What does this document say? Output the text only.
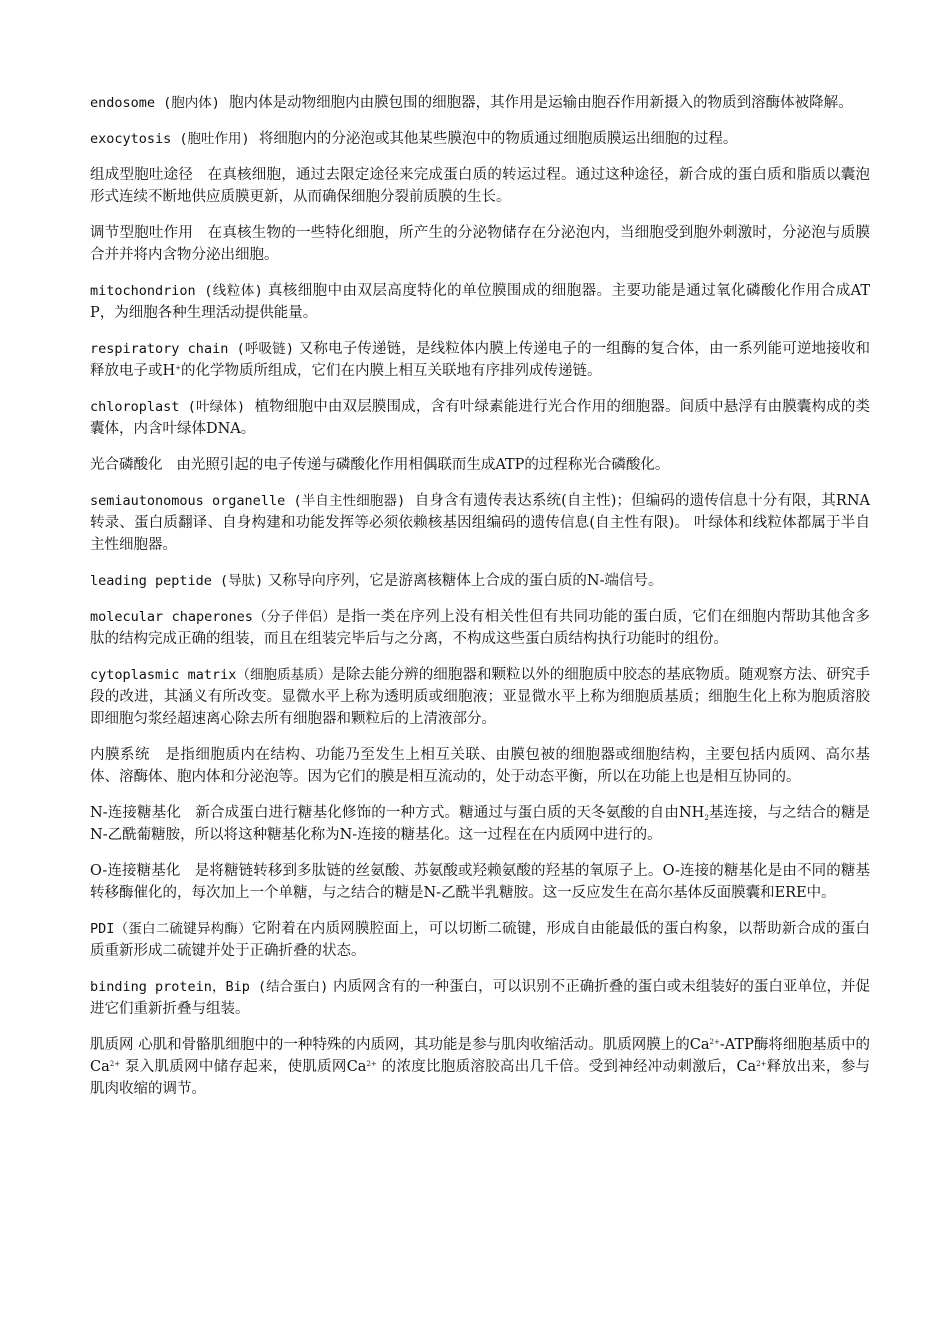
endosome (胞内体) 胞内体是动物细胞内由膜包围的细胞器，其作用是运输由胞吞作用新摄入的物质到溶酶体被降解。

exocytosis (胞吐作用) 将细胞内的分泌泡或其他某些膜泡中的物质通过细胞质膜运出细胞的过程。

组成型胞吐途径 在真核细胞，通过去限定途径来完成蛋白质的转运过程。通过这种途径，新合成的蛋白质和脂质以囊泡形式连续不断地供应质膜更新，从而确保细胞分裂前质膜的生长。

调节型胞吐作用 在真核生物的一些特化细胞，所产生的分泌物储存在分泌泡内，当细胞受到胞外刺激时，分泌泡与质膜合并并将内含物分泌出细胞。

mitochondrion (线粒体) 真核细胞中由双层高度特化的单位膜围成的细胞器。主要功能是通过氧化磷酸化作用合成ATP，为细胞各种生理活动提供能量。

respiratory chain (呼吸链) 又称电子传递链，是线粒体内膜上传递电子的一组酶的复合体，由一系列能可逆地接收和释放电子或H+的化学物质所组成，它们在内膜上相互关联地有序排列成传递链。

chloroplast (叶绿体) 植物细胞中由双层膜围成，含有叶绿素能进行光合作用的细胞器。间质中悬浮有由膜囊构成的类囊体，内含叶绿体DNA。

光合磷酸化 由光照引起的电子传递与磷酸化作用相偶联而生成ATP的过程称光合磷酸化。

semiautonomous organelle (半自主性细胞器) 自身含有遗传表达系统(自主性)；但编码的遗传信息十分有限，其RNA转录、蛋白质翻译、自身构建和功能发挥等必须依赖核基因组编码的遗传信息(自主性有限)。 叶绿体和线粒体都属于半自主性细胞器。

leading peptide (导肽) 又称导向序列，它是游离核糖体上合成的蛋白质的N-端信号。

molecular chaperones（分子伴侣）是指一类在序列上没有相关性但有共同功能的蛋白质，它们在细胞内帮助其他含多肽的结构完成正确的组装，而且在组装完毕后与之分离，不构成这些蛋白质结构执行功能时的组份。

cytoplasmic matrix（细胞质基质）是除去能分辨的细胞器和颗粒以外的细胞质中胶态的基底物质。随观察方法、研究手段的改进，其涵义有所改变。显微水平上称为透明质或细胞液；亚显微水平上称为细胞质基质；细胞生化上称为胞质溶胶即细胞匀浆经超速离心除去所有细胞器和颗粒后的上清液部分。

内膜系统 是指细胞质内在结构、功能乃至发生上相互关联、由膜包被的细胞器或细胞结构，主要包括内质网、高尔基体、溶酶体、胞内体和分泌泡等。因为它们的膜是相互流动的，处于动态平衡，所以在功能上也是相互协同的。

N-连接糖基化 新合成蛋白进行糖基化修饰的一种方式。糖通过与蛋白质的天冬氨酸的自由$NH_2$基连接，与之结合的糖是N-乙酰葡糖胺，所以将这种糖基化称为N-连接的糖基化。这一过程在在内质网中进行的。

O-连接糖基化 是将糖链转移到多肽链的丝氨酸、苏氨酸或羟赖氨酸的羟基的氧原子上。O-连接的糖基化是由不同的糖基转移酶催化的，每次加上一个单糖，与之结合的糖是N-乙酰半乳糖胺。这一反应发生在高尔基体反面膜囊和ERE中。

PDI（蛋白二硫键异构酶）它附着在内质网膜腔面上，可以切断二硫键，形成自由能最低的蛋白构象，以帮助新合成的蛋白质重新形成二硫键并处于正确折叠的状态。

binding protein，Bip (结合蛋白) 内质网含有的一种蛋白，可以识别不正确折叠的蛋白或未组装好的蛋白亚单位，并促进它们重新折叠与组装。

肌质网 心肌和骨骼肌细胞中的一种特殊的内质网，其功能是参与肌肉收缩活动。肌质网膜上的$Ca^{2+}$-ATP酶将细胞基质中的$Ca^{2+}$ 泵入肌质网中储存起来，使肌质网$Ca^{2+}$ 的浓度比胞质溶胶高出几千倍。受到神经冲动刺激后，$Ca^{2+}$释放出来，参与肌肉收缩的调节。
